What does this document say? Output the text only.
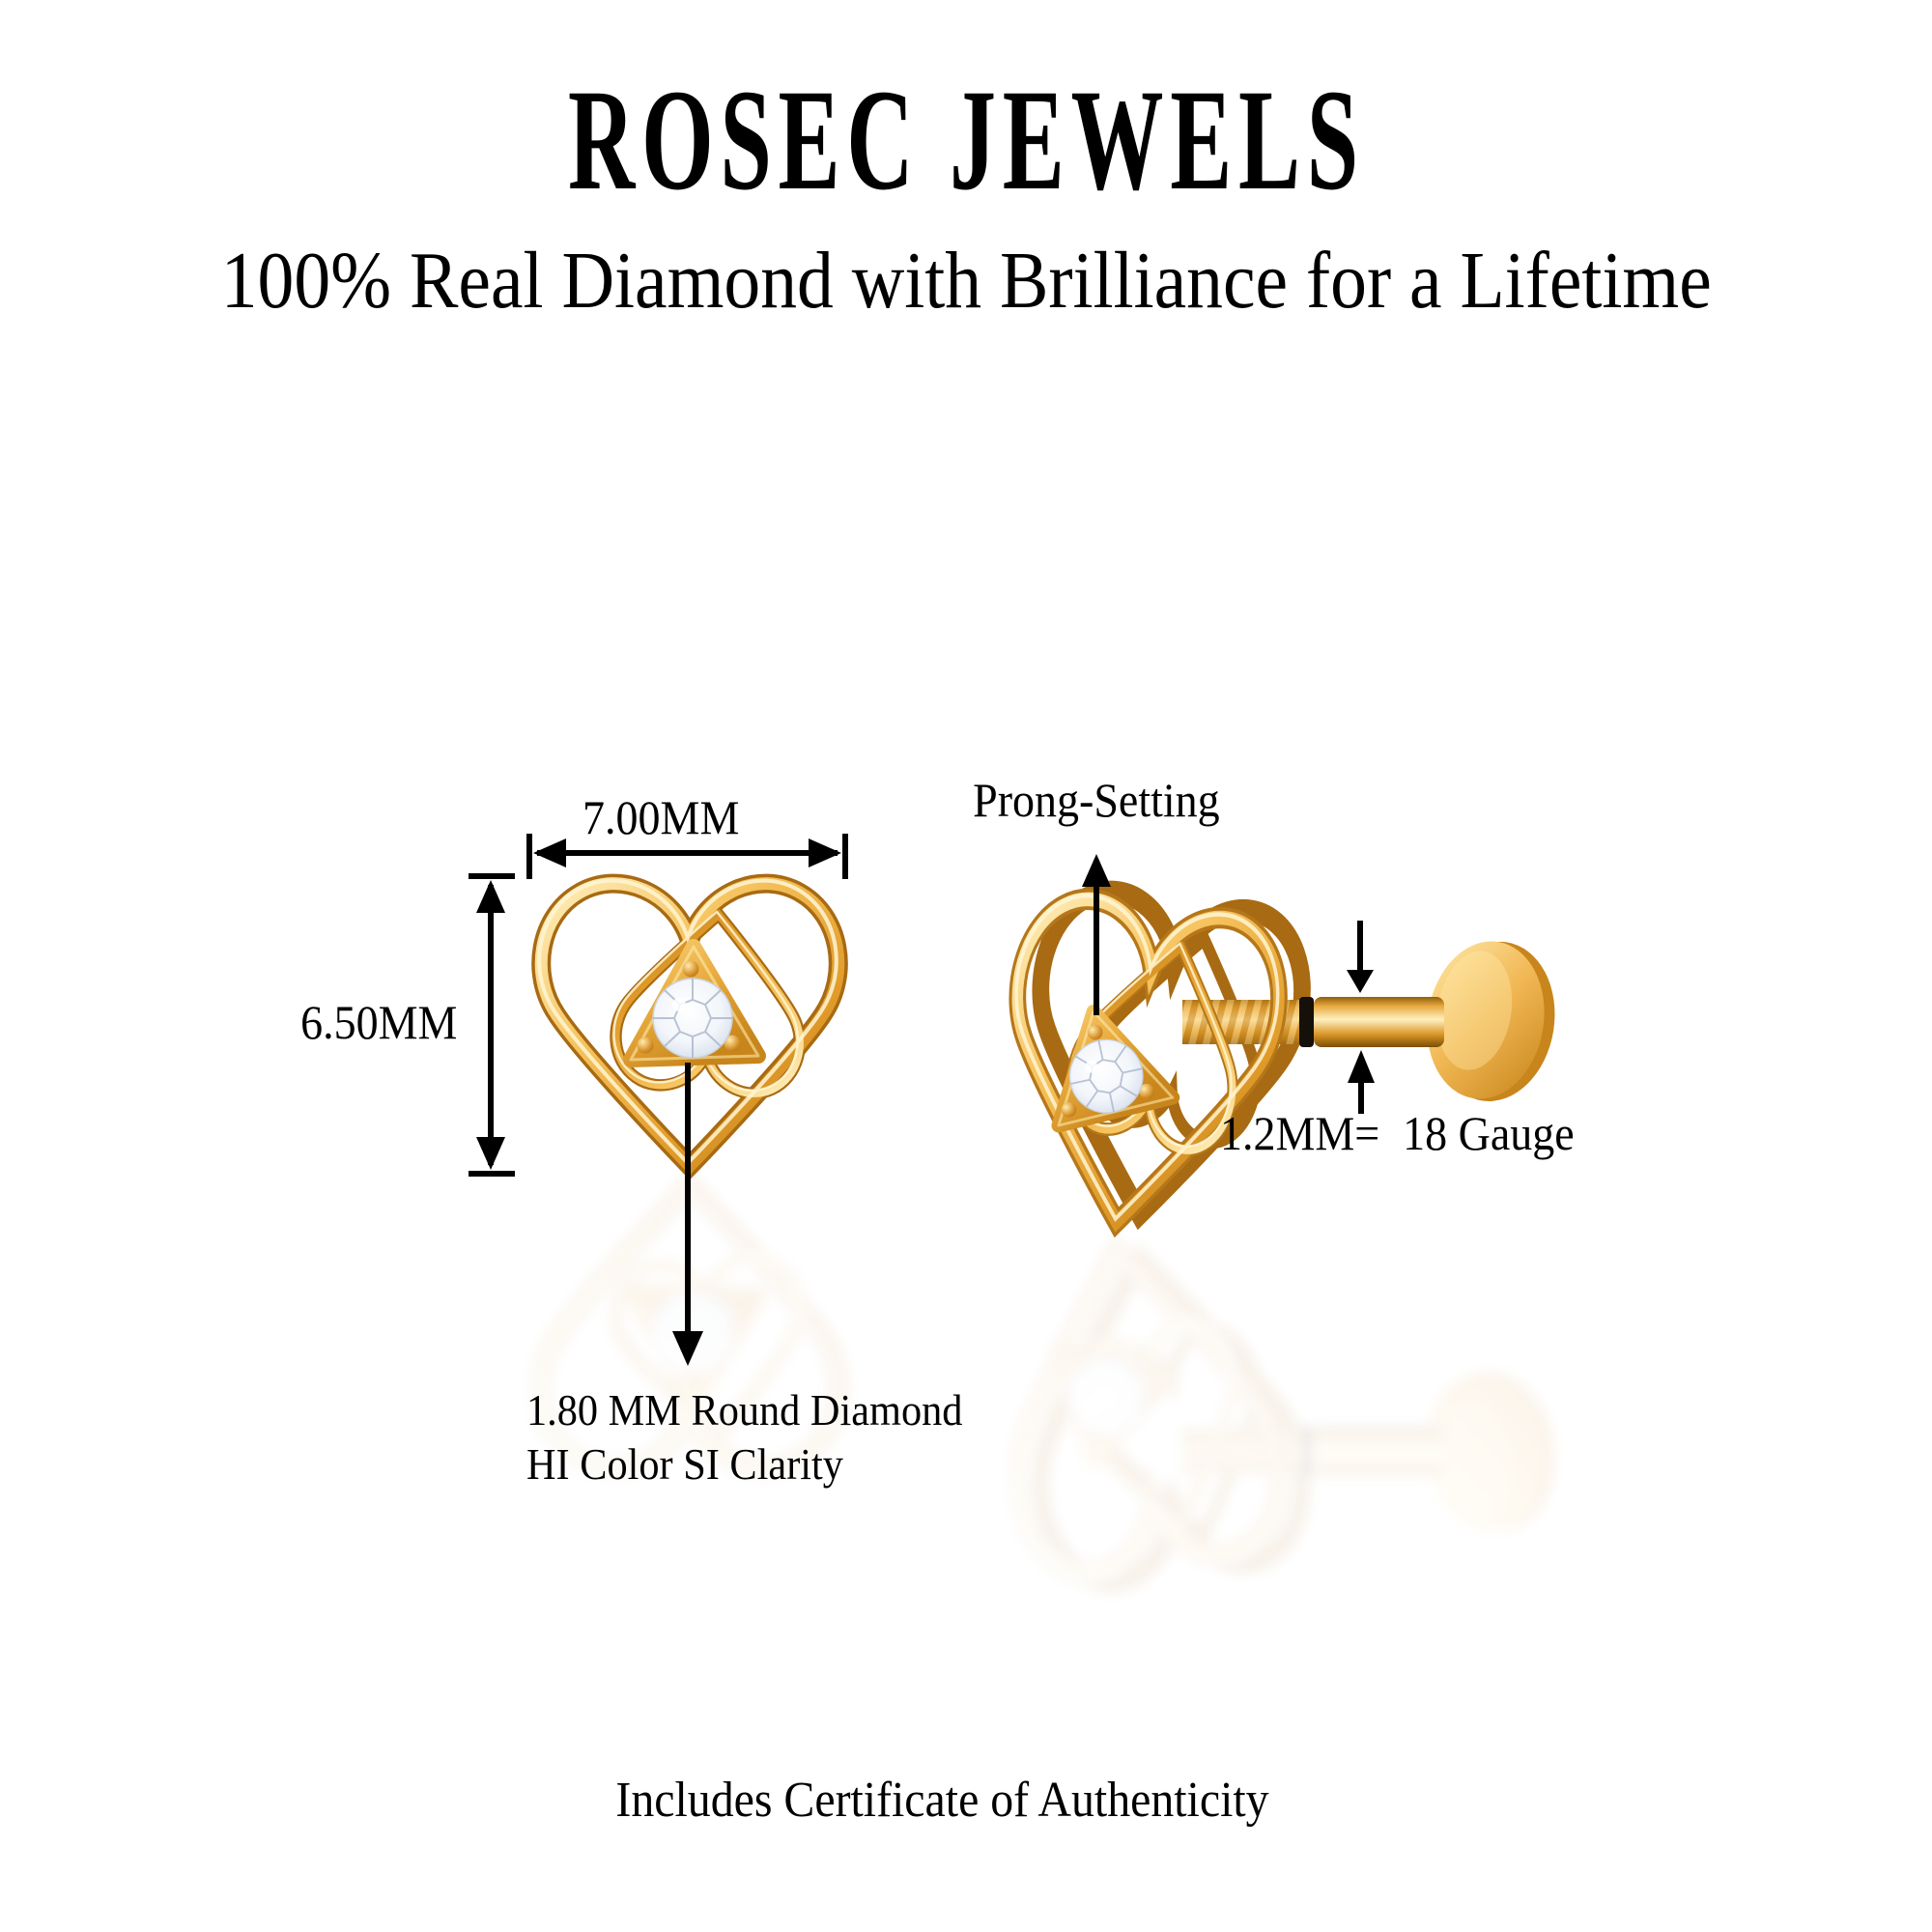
ROSEC JEWELS
100% Real Diamond with Brilliance for a Lifetime
7.00MM
6.50MM
Prong-Setting
1.2MM= 18 Gauge
1.80 MM Round Diamond
HI Color SI Clarity
Includes Certificate of Authenticity
